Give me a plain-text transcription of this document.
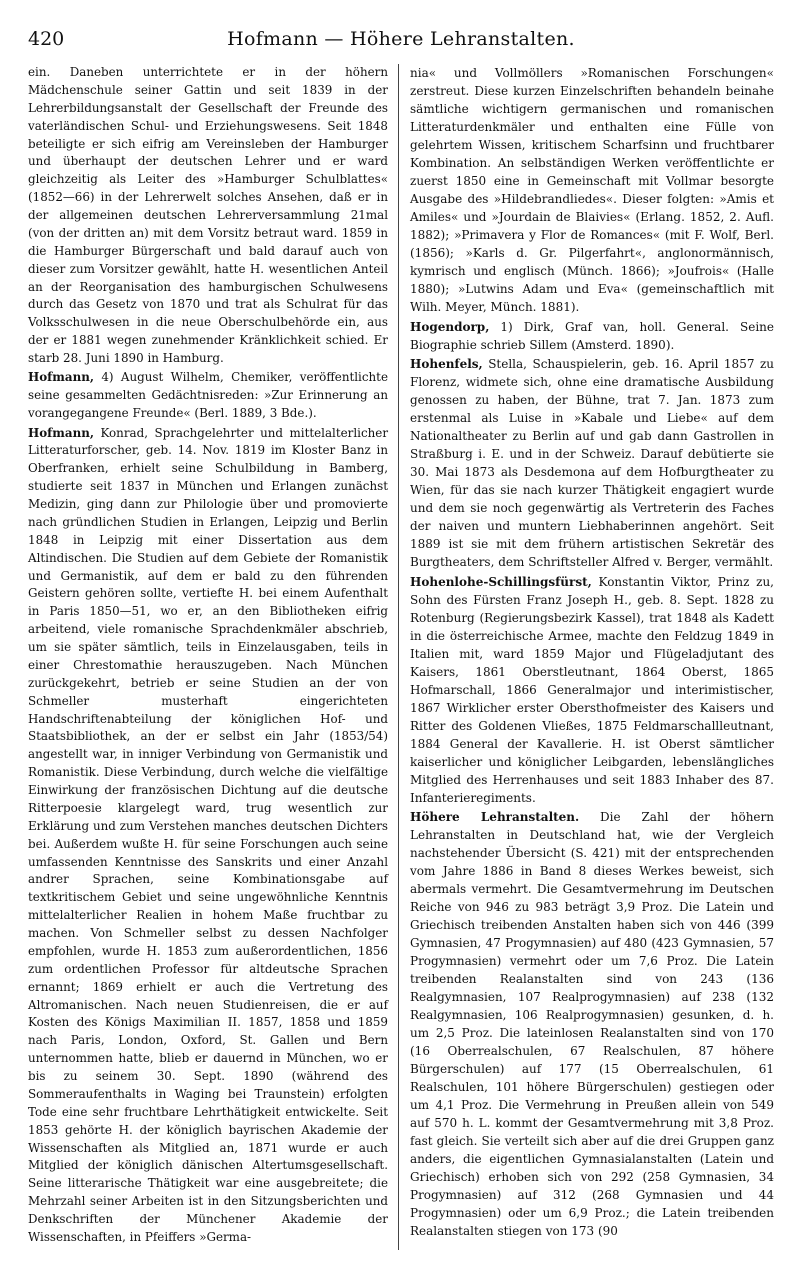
420	Hofmann — Höhere Lehranstalten.

ein. Daneben unterrichtete er in der höhern Mädchenschule seiner Gattin und seit 1839 in der Lehrerbildungsanstalt der Gesellschaft der Freunde des vaterländischen Schul- und Erziehungswesens. Seit 1848 beteiligte er sich eifrig am Vereinsleben der Hamburger und überhaupt der deutschen Lehrer und er ward gleichzeitig als Leiter des »Hamburger Schulblattes« (1852—66) in der Lehrerwelt solches Ansehen, daß er in der allgemeinen deutschen Lehrerversammlung 21mal (von der dritten an) mit dem Vorsitz betraut ward. 1859 in die Hamburger Bürgerschaft und bald darauf auch von dieser zum Vorsitzer gewählt, hatte H. wesentlichen Anteil an der Reorganisation des hamburgischen Schulwesens durch das Gesetz von 1870 und trat als Schulrat für das Volksschulwesen in die neue Oberschulbehörde ein, aus der er 1881 wegen zunehmender Kränklichkeit schied. Er starb 28. Juni 1890 in Hamburg.

Hofmann, 4) August Wilhelm, Chemiker, veröffentlichte seine gesammelten Gedächtnisreden: »Zur Erinnerung an vorangegangene Freunde« (Berl. 1889, 3 Bde.).

Hofmann, Konrad, Sprachgelehrter und mittelalterlicher Litteraturforscher, geb. 14. Nov. 1819 im Kloster Banz in Oberfranken, erhielt seine Schulbildung in Bamberg, studierte seit 1837 in München und Erlangen zunächst Medizin, ging dann zur Philologie über und promovierte nach gründlichen Studien in Erlangen, Leipzig und Berlin 1848 in Leipzig mit einer Dissertation aus dem Altindischen. Die Studien auf dem Gebiete der Romanistik und Germanistik, auf dem er bald zu den führenden Geistern gehören sollte, vertiefte H. bei einem Aufenthalt in Paris 1850—51, wo er, an den Bibliotheken eifrig arbeitend, viele romanische Sprachdenkmäler abschrieb, um sie später sämtlich, teils in Einzelausgaben, teils in einer Chrestomathie herauszugeben. Nach München zurückgekehrt, betrieb er seine Studien an der von Schmeller musterhaft eingerichteten Handschriftenabteilung der königlichen Hof- und Staatsbibliothek, an der er selbst ein Jahr (1853/54) angestellt war, in inniger Verbindung von Germanistik und Romanistik. Diese Verbindung, durch welche die vielfältige Einwirkung der französischen Dichtung auf die deutsche Ritterpoesie klargelegt ward, trug wesentlich zur Erklärung und zum Verstehen manches deutschen Dichters bei. Außerdem wußte H. für seine Forschungen auch seine umfassenden Kenntnisse des Sanskrits und einer Anzahl andrer Sprachen, seine Kombinationsgabe auf textkritischem Gebiet und seine ungewöhnliche Kenntnis mittelalterlicher Realien in hohem Maße fruchtbar zu machen. Von Schmeller selbst zu dessen Nachfolger empfohlen, wurde H. 1853 zum außerordentlichen, 1856 zum ordentlichen Professor für altdeutsche Sprachen ernannt; 1869 erhielt er auch die Vertretung des Altromanischen. Nach neuen Studienreisen, die er auf Kosten des Königs Maximilian II. 1857, 1858 und 1859 nach Paris, London, Oxford, St. Gallen und Bern unternommen hatte, blieb er dauernd in München, wo er bis zu seinem 30. Sept. 1890 (während des Sommeraufenthalts in Waging bei Traunstein) erfolgten Tode eine sehr fruchtbare Lehrthätigkeit entwickelte. Seit 1853 gehörte H. der königlich bayrischen Akademie der Wissenschaften als Mitglied an, 1871 wurde er auch Mitglied der königlich dänischen Altertumsgesellschaft. Seine litterarische Thätigkeit war eine ausgebreitete; die Mehrzahl seiner Arbeiten ist in den Sitzungsberichten und Denkschriften der Münchener Akademie der Wissenschaften, in Pfeiffers »Germa-

nia« und Vollmöllers »Romanischen Forschungen« zerstreut. Diese kurzen Einzelschriften behandeln beinahe sämtliche wichtigern germanischen und romanischen Litteraturdenkmäler und enthalten eine Fülle von gelehrtem Wissen, kritischem Scharfsinn und fruchtbarer Kombination. An selbständigen Werken veröffentlichte er zuerst 1850 eine in Gemeinschaft mit Vollmar besorgte Ausgabe des »Hildebrandliedes«. Dieser folgten: »Amis et Amiles« und »Jourdain de Blaivies« (Erlang. 1852, 2. Aufl. 1882); »Primavera y Flor de Romances« (mit F. Wolf, Berl. (1856); »Karls d. Gr. Pilgerfahrt«, anglonormännisch, kymrisch und englisch (Münch. 1866); »Joufrois« (Halle 1880); »Lutwins Adam und Eva« (gemeinschaftlich mit Wilh. Meyer, Münch. 1881).

Hogendorp, 1) Dirk, Graf van, holl. General. Seine Biographie schrieb Sillem (Amsterd. 1890).

Hohenfels, Stella, Schauspielerin, geb. 16. April 1857 zu Florenz, widmete sich, ohne eine dramatische Ausbildung genossen zu haben, der Bühne, trat 7. Jan. 1873 zum erstenmal als Luise in »Kabale und Liebe« auf dem Nationaltheater zu Berlin auf und gab dann Gastrollen in Straßburg i. E. und in der Schweiz. Darauf debütierte sie 30. Mai 1873 als Desdemona auf dem Hofburgtheater zu Wien, für das sie nach kurzer Thätigkeit engagiert wurde und dem sie noch gegenwärtig als Vertreterin des Faches der naiven und muntern Liebhaberinnen angehört. Seit 1889 ist sie mit dem frühern artistischen Sekretär des Burgtheaters, dem Schriftsteller Alfred v. Berger, vermählt.

Hohenlohe-Schillingsfürst, Konstantin Viktor, Prinz zu, Sohn des Fürsten Franz Joseph H., geb. 8. Sept. 1828 zu Rotenburg (Regierungsbezirk Kassel), trat 1848 als Kadett in die österreichische Armee, machte den Feldzug 1849 in Italien mit, ward 1859 Major und Flügeladjutant des Kaisers, 1861 Oberstleutnant, 1864 Oberst, 1865 Hofmarschall, 1866 Generalmajor und interimistischer, 1867 Wirklicher erster Obersthofmeister des Kaisers und Ritter des Goldenen Vließes, 1875 Feldmarschallleutnant, 1884 General der Kavallerie. H. ist Oberst sämtlicher kaiserlicher und königlicher Leibgarden, lebenslängliches Mitglied des Herrenhauses und seit 1883 Inhaber des 87. Infanterieregiments.

Höhere Lehranstalten. Die Zahl der höhern Lehranstalten in Deutschland hat, wie der Vergleich nachstehender Übersicht (S. 421) mit der entsprechenden vom Jahre 1886 in Band 8 dieses Werkes beweist, sich abermals vermehrt. Die Gesamtvermehrung im Deutschen Reiche von 946 zu 983 beträgt 3,9 Proz. Die Latein und Griechisch treibenden Anstalten haben sich von 446 (399 Gymnasien, 47 Progymnasien) auf 480 (423 Gymnasien, 57 Progymnasien) vermehrt oder um 7,6 Proz. Die Latein treibenden Realanstalten sind von 243 (136 Realgymnasien, 107 Realprogymnasien) auf 238 (132 Realgymnasien, 106 Realprogymnasien) gesunken, d. h. um 2,5 Proz. Die lateinlosen Realanstalten sind von 170 (16 Oberrealschulen, 67 Realschulen, 87 höhere Bürgerschulen) auf 177 (15 Oberrealschulen, 61 Realschulen, 101 höhere Bürgerschulen) gestiegen oder um 4,1 Proz. Die Vermehrung in Preußen allein von 549 auf 570 h. L. kommt der Gesamtvermehrung mit 3,8 Proz. fast gleich. Sie verteilt sich aber auf die drei Gruppen ganz anders, die eigentlichen Gymnasialanstalten (Latein und Griechisch) erhoben sich von 292 (258 Gymnasien, 34 Progymnasien) auf 312 (268 Gymnasien und 44 Progymnasien) oder um 6,9 Proz.; die Latein treibenden Realanstalten stiegen von 173 (90
